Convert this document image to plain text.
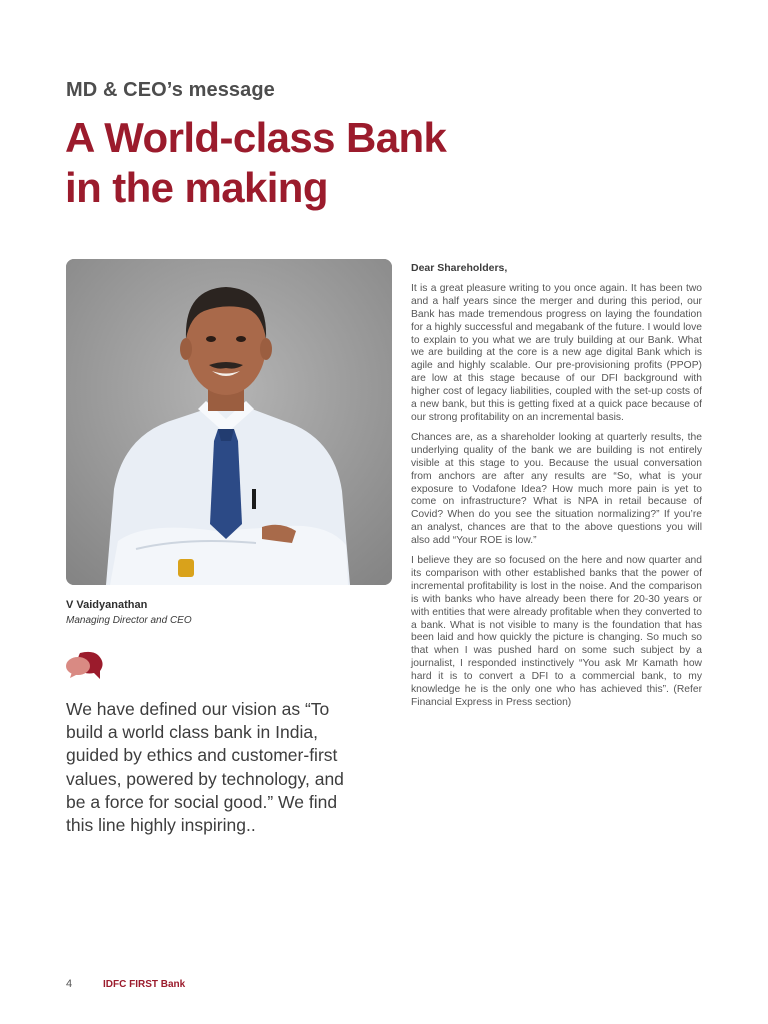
MD & CEO’s message
A World-class Bank
in the making
V Vaidyanathan
Managing Director and CEO
We have defined our vision as “To build a world class bank in India, guided by ethics and customer-first values, powered by technology, and be a force for social good.” We find this line highly inspiring..

Dear Shareholders,

It is a great pleasure writing to you once again. It has been two and a half years since the merger and during this period, our Bank has made tremendous progress on laying the foundation for a highly successful and megabank of the future. I would love to explain to you what we are truly building at our Bank. What we are building at the core is a new age digital Bank which is agile and highly scalable. Our pre-provisioning profits (PPOP) are low at this stage because of our DFI background with higher cost of legacy liabilities, coupled with the set-up costs of a new bank, but this is getting fixed at a quick pace because of our strong profitability on an incremental basis.

Chances are, as a shareholder looking at quarterly results, the underlying quality of the bank we are building is not entirely visible at this stage to you. Because the usual conversation from anchors are after any results are “So, what is your exposure to Vodafone Idea? How much more pain is yet to come on infrastructure? What is NPA in retail because of Covid? When do you see the situation normalizing?” If you’re an analyst, chances are that to the above questions you will also add “Your ROE is low.”

I believe they are so focused on the here and now quarter and its comparison with other established banks that the power of incremental profitability is lost in the noise. And the comparison is with banks who have already been there for 20-30 years or with entities that were already profitable when they converted to a bank. What is not visible to many is the foundation that has been laid and how quickly the picture is changing. So much so that when I was pushed hard on some such subject by a journalist, I responded instinctively “You ask Mr Kamath how hard it is to convert a DFI to a commercial bank, to my knowledge he is the only one who has achieved this”. (Refer Financial Express in Press section)

4	IDFC FIRST Bank
